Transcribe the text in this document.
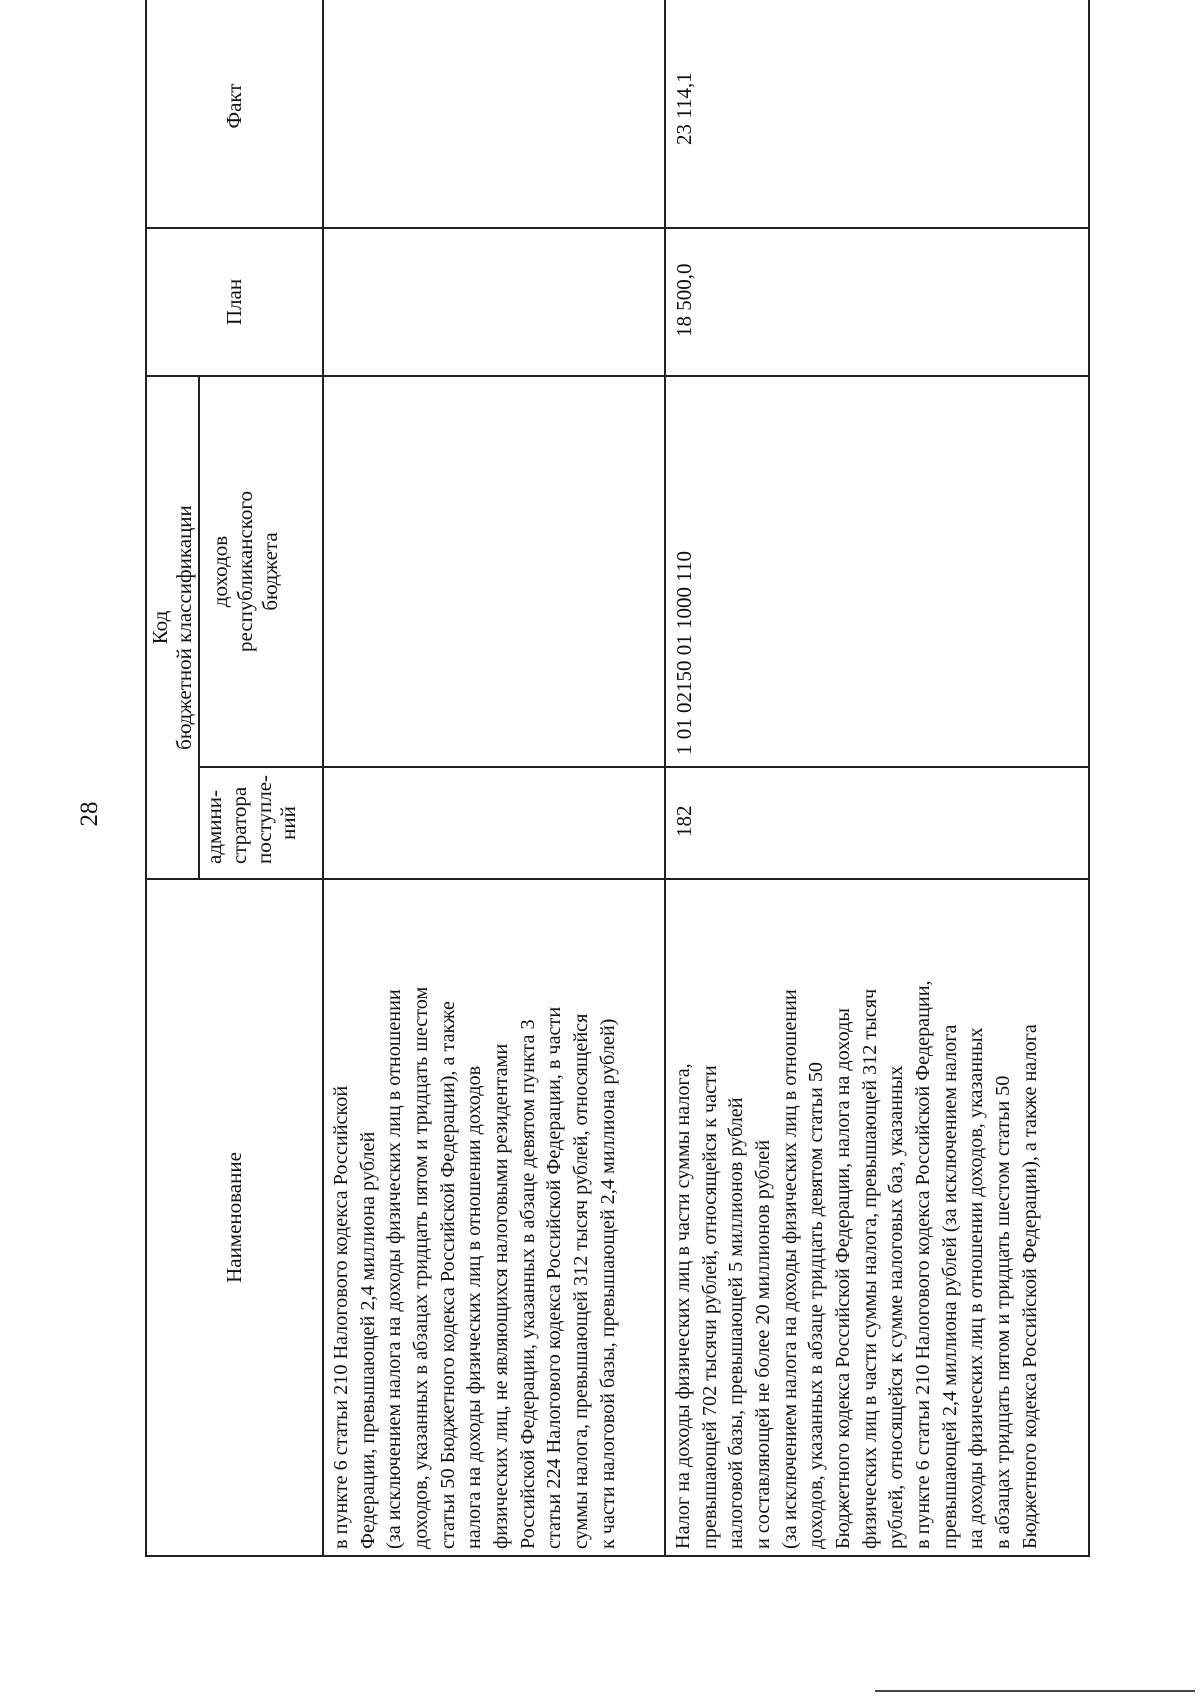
28
Наименование
Код бюджетной классификации
админи- стратора поступле- ний
доходов республиканского бюджета
План
Факт
в пункте 6 статьи 210 Налогового кодекса Российской Федерации, превышающей 2,4 миллиона рублей (за исключением налога на доходы физических лиц в отношении доходов, указанных в абзацах тридцать пятом и тридцать шестом статьи 50 Бюджетного кодекса Российской Федерации), а также налога на доходы физических лиц в отношении доходов физических лиц, не являющихся налоговыми резидентами Российской Федерации, указанных в абзаце девятом пункта 3 статьи 224 Налогового кодекса Российской Федерации, в части суммы налога, превышающей 312 тысяч рублей, относящейся к части налоговой базы, превышающей 2,4 миллиона рублей)	Налог на доходы физических лиц в части суммы налога, превышающей 702 тысячи рублей, относящейся к части налоговой базы, превышающей 5 миллионов рублей и составляющей не более 20 миллионов рублей (за исключением налога на доходы физических лиц в отношении доходов, указанных в абзаце тридцать девятом статьи 50 Бюджетного кодекса Российской Федерации, налога на доходы физических лиц в части суммы налога, превышающей 312 тысяч рублей, относящейся к сумме налоговых баз, указанных в пункте 6 статьи 210 Налогового кодекса Российской Федерации, превышающей 2,4 миллиона рублей (за исключением налога на доходы физических лиц в отношении доходов, указанных в абзацах тридцать пятом и тридцать шестом статьи 50 Бюджетного кодекса Российской Федерации), а также налога
182
1 01 02150 01 1000 110
18 500,0
23 114,1
